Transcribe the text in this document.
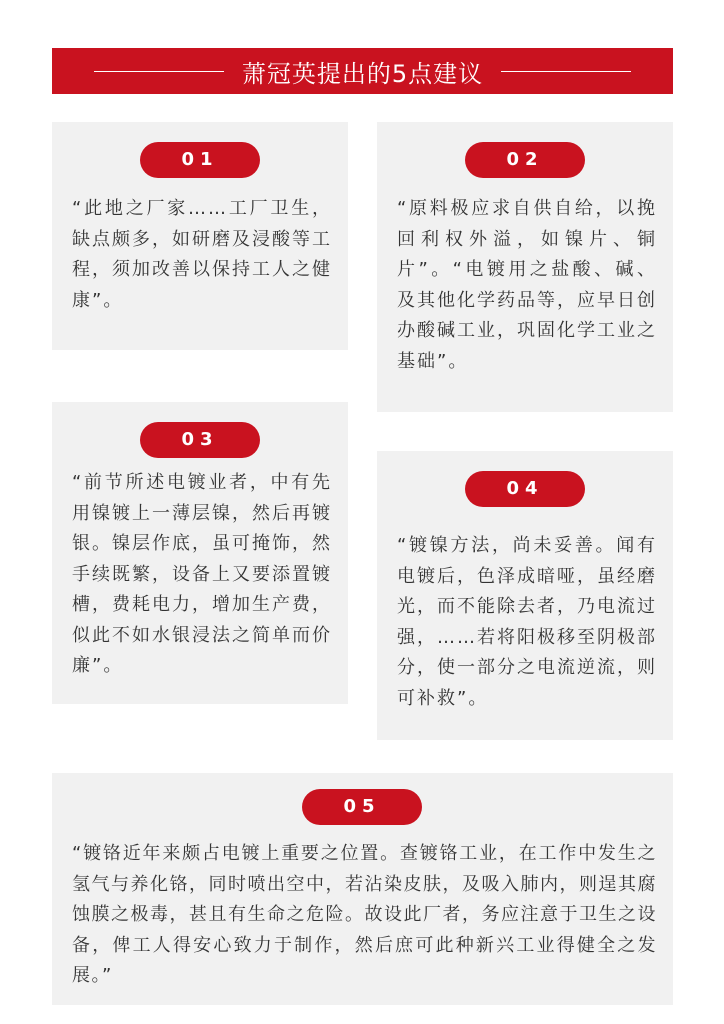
萧冠英提出的5点建议
01
“此地之厂家……工厂卫生，缺点颇多，如研磨及浸酸等工程，须加改善以保持工人之健康”。
02
“原料极应求自供自给，以挽回利权外溢，如镍片、铜片”。“电镀用之盐酸、碱、及其他化学药品等，应早日创办酸碱工业，巩固化学工业之基础”。
03
“前节所述电镀业者，中有先用镍镀上一薄层镍，然后再镀银。镍层作底，虽可掩饰，然手续既繁，设备上又要添置镀槽，费耗电力，增加生产费，似此不如水银浸法之简单而价廉”。
04
“镀镍方法，尚未妥善。闻有电镀后，色泽成暗哑，虽经磨光，而不能除去者，乃电流过强，……若将阳极移至阴极部分，使一部分之电流逆流，则可补救”。
05
“镀铬近年来颇占电镀上重要之位置。查镀铬工业，在工作中发生之氢气与养化铬，同时喷出空中，若沾染皮肤，及吸入肺内，则逞其腐蚀膜之极毒，甚且有生命之危险。故设此厂者，务应注意于卫生之设备，俾工人得安心致力于制作，然后庶可此种新兴工业得健全之发展。”
